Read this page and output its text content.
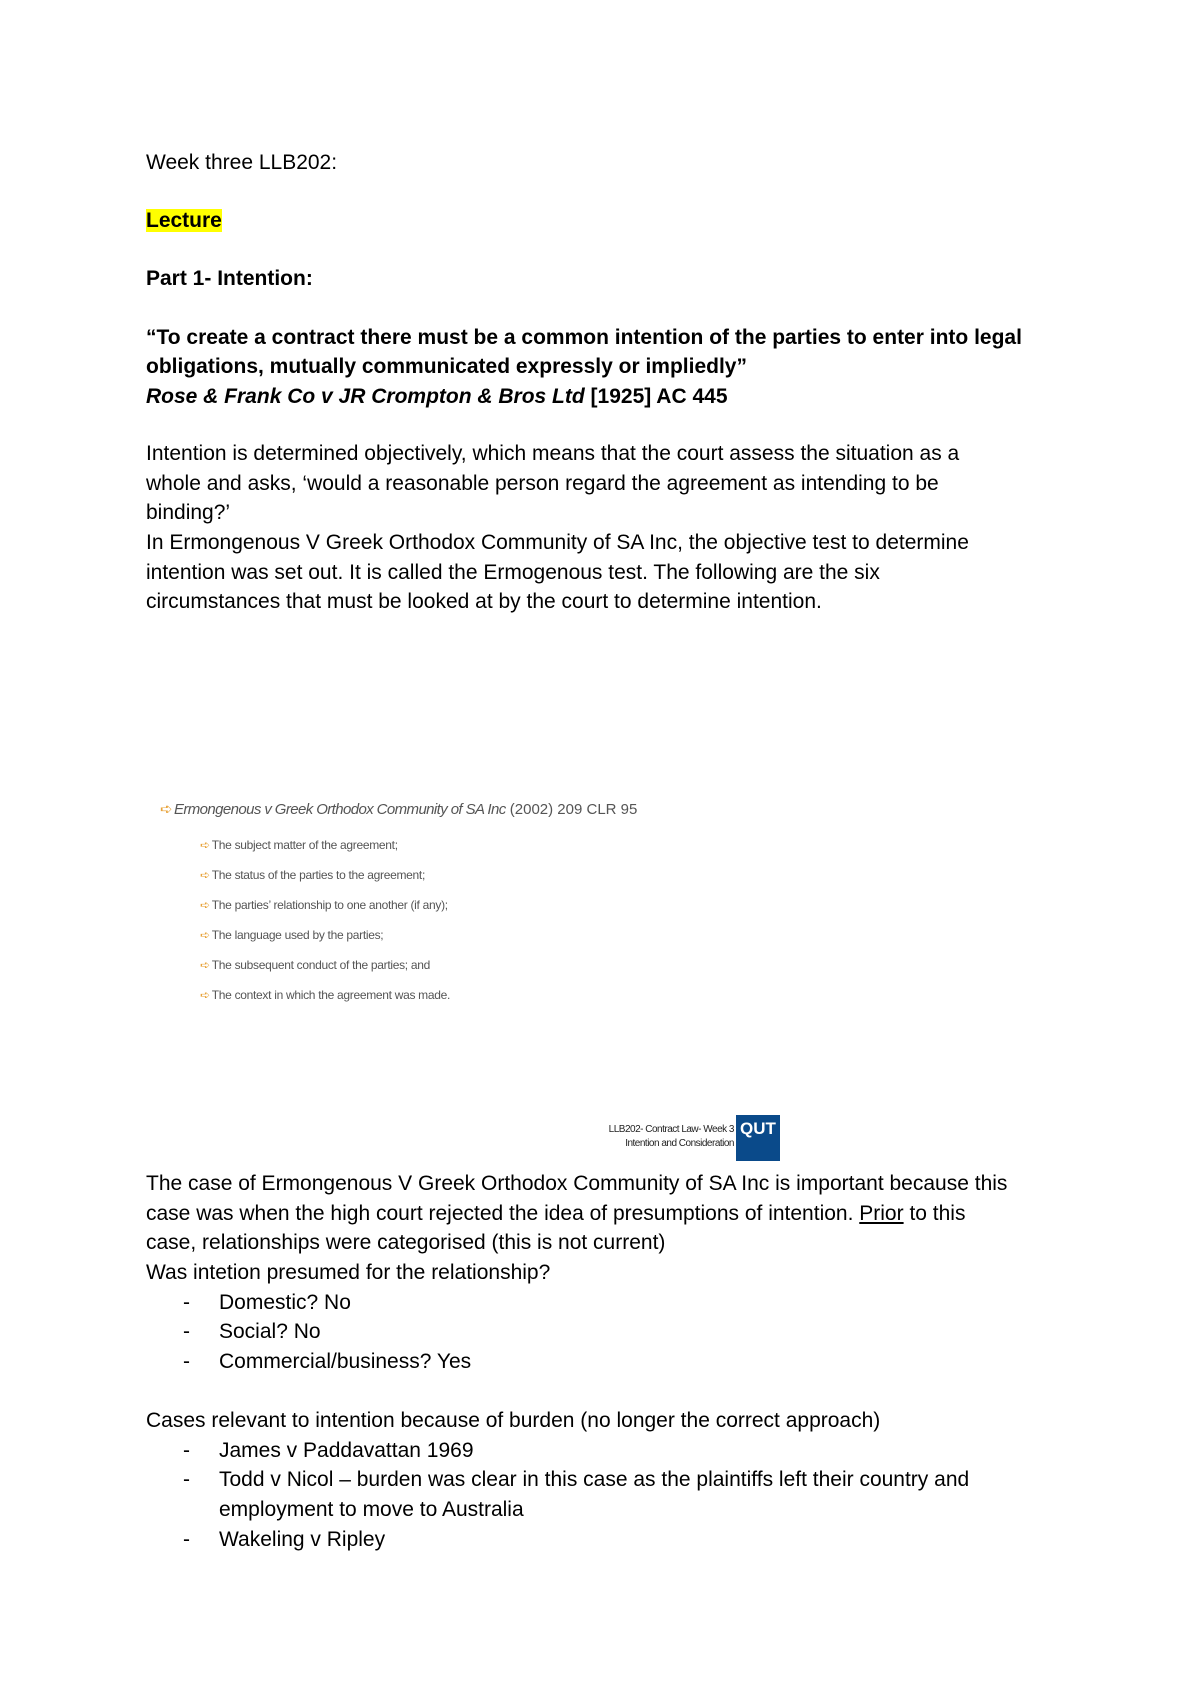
Week three LLB202:
Lecture
Part 1- Intention:
“To create a contract there must be a common intention of the parties to enter into legal
obligations, mutually communicated expressly or impliedly”
Rose & Frank Co v JR Crompton & Bros Ltd [1925] AC 445
Intention is determined objectively, which means that the court assess the situation as a
whole and asks, ‘would a reasonable person regard the agreement as intending to be
binding?’
In Ermongenous V Greek Orthodox Community of SA Inc, the objective test to determine
intention was set out. It is called the Ermogenous test. The following are the six
circumstances that must be looked at by the court to determine intention.
➪ Ermongenous v Greek Orthodox Community of SA Inc (2002) 209 CLR 95
➪ The subject matter of the agreement;
➪ The status of the parties to the agreement;
➪ The parties’ relationship to one another (if any);
➪ The language used by the parties;
➪ The subsequent conduct of the parties; and
➪ The context in which the agreement was made.
LLB202- Contract Law- Week 3
Intention and Consideration
QUT
The case of Ermongenous V Greek Orthodox Community of SA Inc is important because this
case was when the high court rejected the idea of presumptions of intention. Prior to this
case, relationships were categorised (this is not current)
Was intetion presumed for the relationship?
- Domestic? No
- Social? No
- Commercial/business? Yes
Cases relevant to intention because of burden (no longer the correct approach)
- James v Paddavattan 1969
- Todd v Nicol – burden was clear in this case as the plaintiffs left their country and
employment to move to Australia
- Wakeling v Ripley
